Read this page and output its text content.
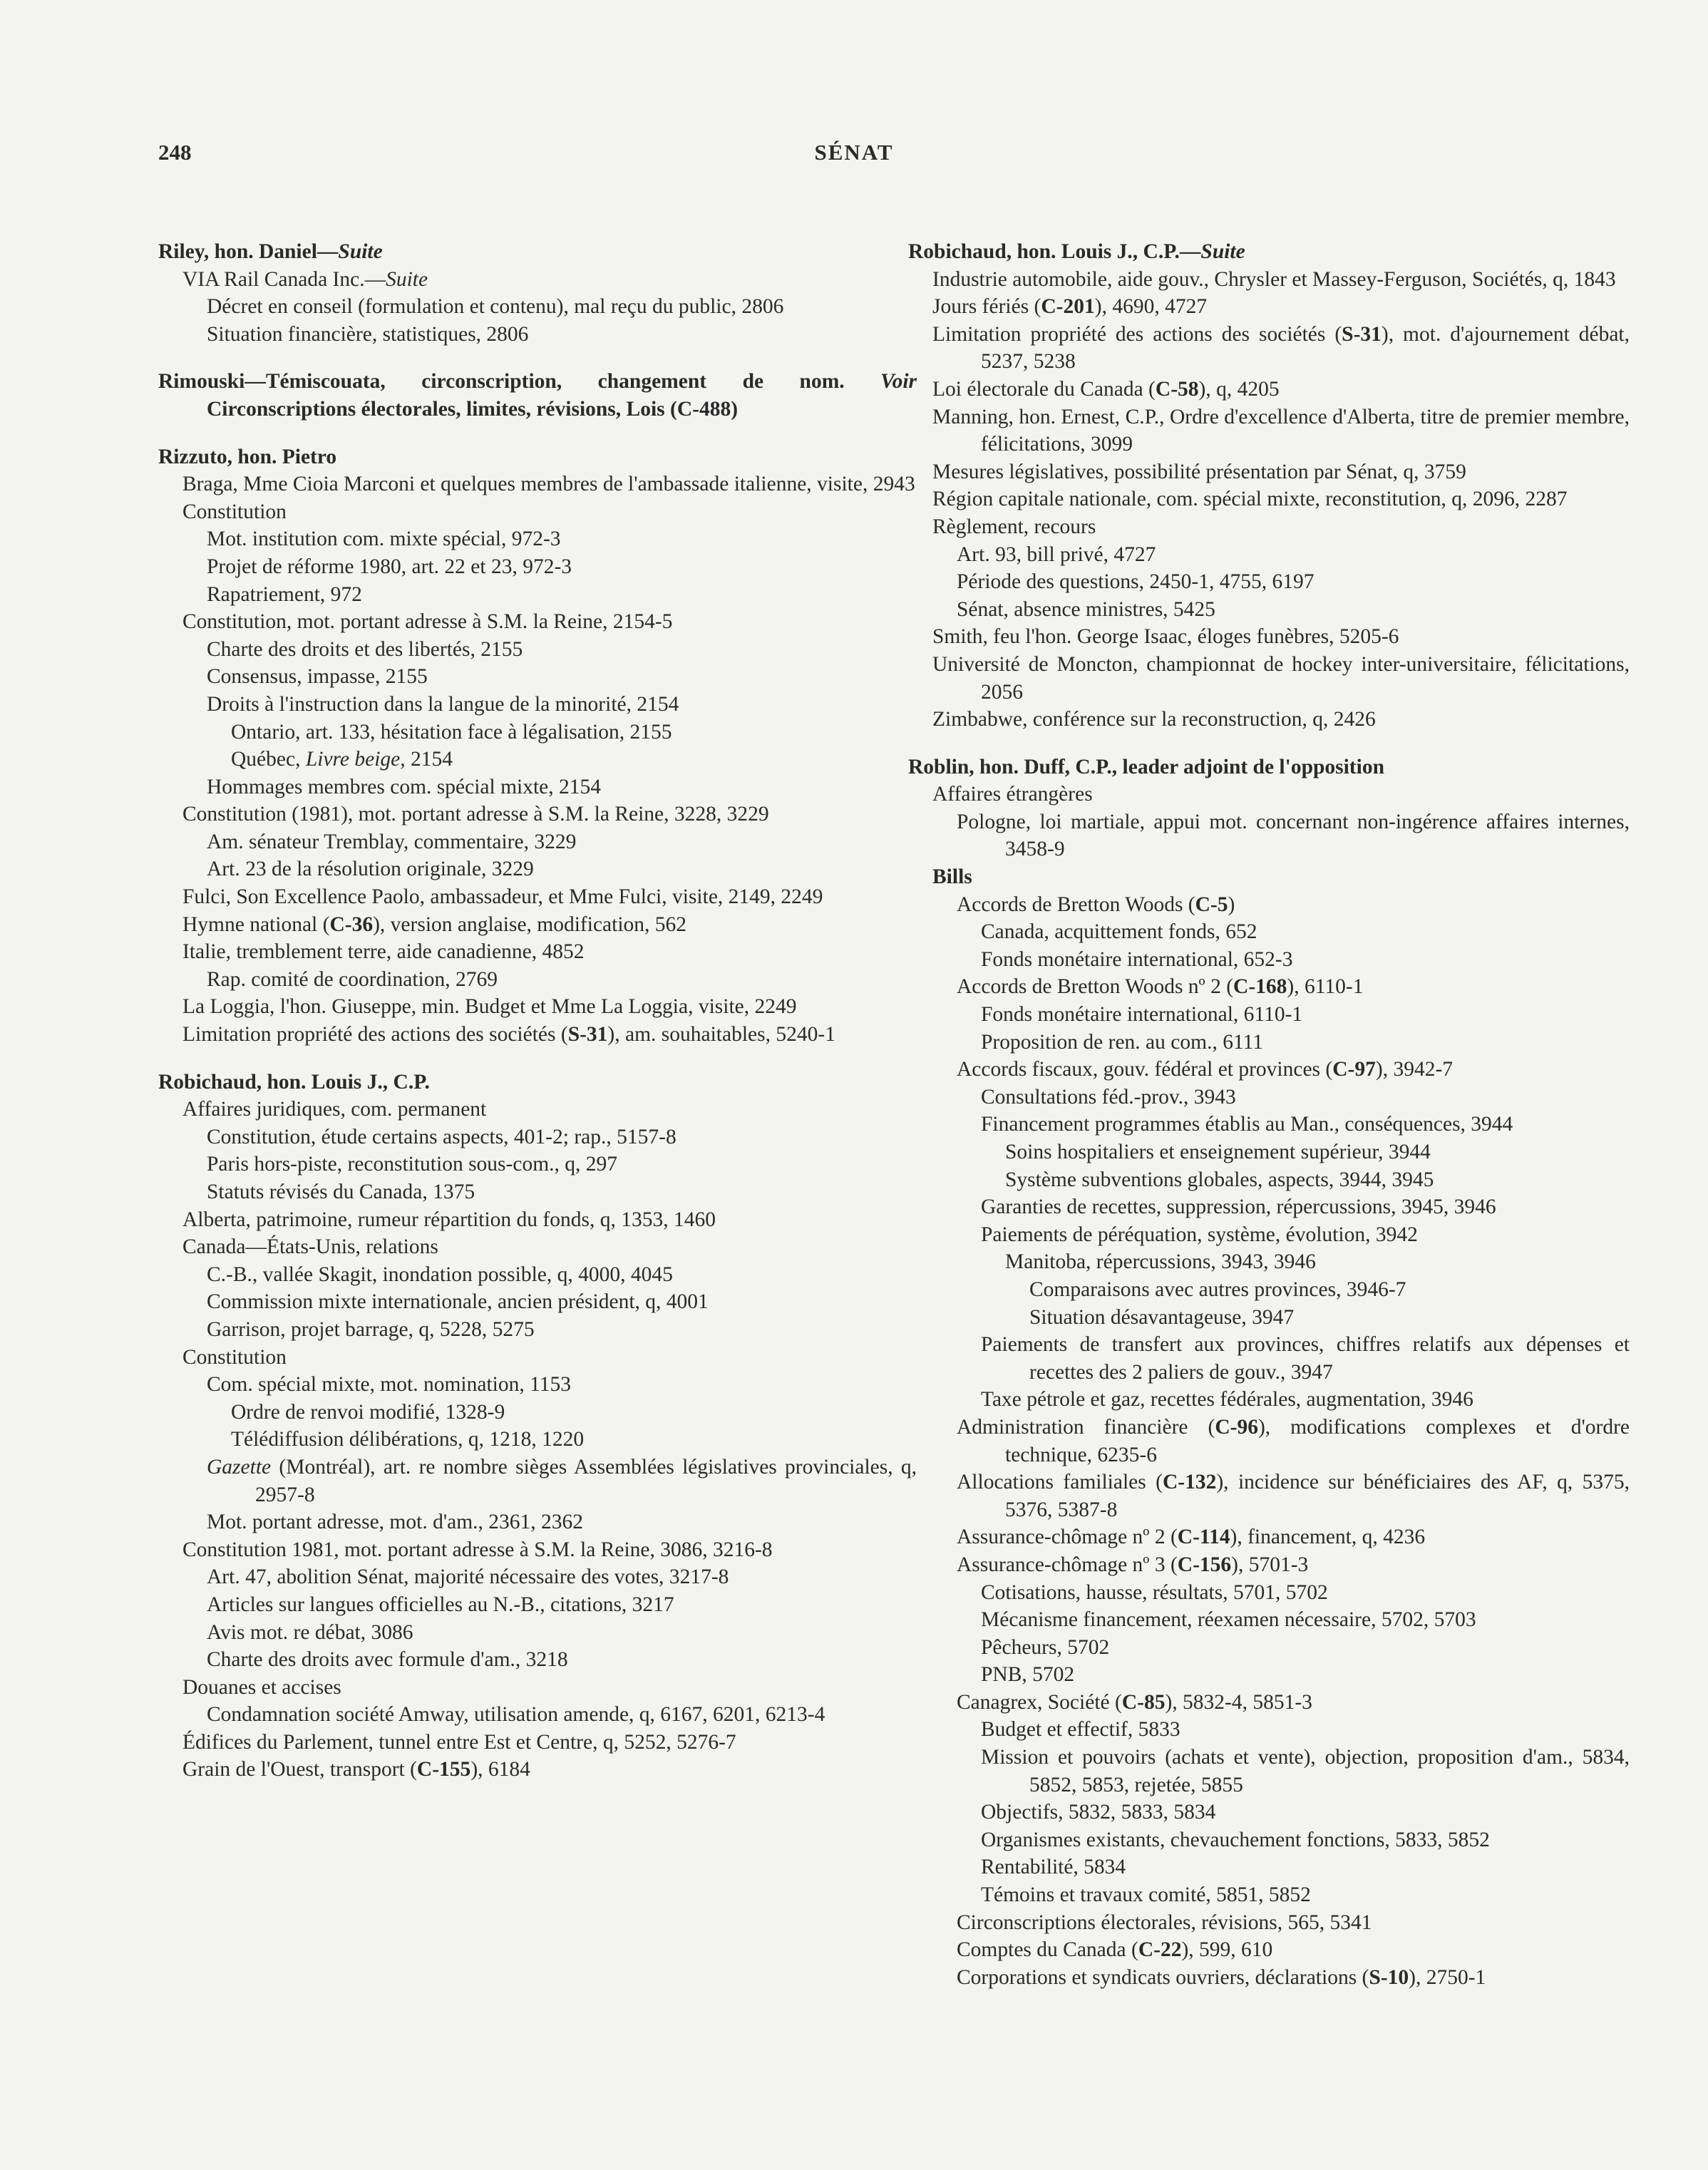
248	SÉNAT
Riley, hon. Daniel—Suite
VIA Rail Canada Inc.—Suite
Décret en conseil (formulation et contenu), mal reçu du public, 2806
Situation financière, statistiques, 2806
Rimouski—Témiscouata, circonscription, changement de nom. Voir Circonscriptions électorales, limites, révisions, Lois (C-488)
Rizzuto, hon. Pietro
Braga, Mme Cioia Marconi et quelques membres de l'ambassade italienne, visite, 2943
Constitution
Mot. institution com. mixte spécial, 972-3
Projet de réforme 1980, art. 22 et 23, 972-3
Rapatriement, 972
Constitution, mot. portant adresse à S.M. la Reine, 2154-5
Charte des droits et des libertés, 2155
Consensus, impasse, 2155
Droits à l'instruction dans la langue de la minorité, 2154
Ontario, art. 133, hésitation face à légalisation, 2155
Québec, Livre beige, 2154
Hommages membres com. spécial mixte, 2154
Constitution (1981), mot. portant adresse à S.M. la Reine, 3228, 3229
Am. sénateur Tremblay, commentaire, 3229
Art. 23 de la résolution originale, 3229
Fulci, Son Excellence Paolo, ambassadeur, et Mme Fulci, visite, 2149, 2249
Hymne national (C-36), version anglaise, modification, 562
Italie, tremblement terre, aide canadienne, 4852
Rap. comité de coordination, 2769
La Loggia, l'hon. Giuseppe, min. Budget et Mme La Loggia, visite, 2249
Limitation propriété des actions des sociétés (S-31), am. souhaitables, 5240-1
Robichaud, hon. Louis J., C.P.
Affaires juridiques, com. permanent
Constitution, étude certains aspects, 401-2; rap., 5157-8
Paris hors-piste, reconstitution sous-com., q, 297
Statuts révisés du Canada, 1375
Alberta, patrimoine, rumeur répartition du fonds, q, 1353, 1460
Canada—États-Unis, relations
C.-B., vallée Skagit, inondation possible, q, 4000, 4045
Commission mixte internationale, ancien président, q, 4001
Garrison, projet barrage, q, 5228, 5275
Constitution
Com. spécial mixte, mot. nomination, 1153
Ordre de renvoi modifié, 1328-9
Télédiffusion délibérations, q, 1218, 1220
Gazette (Montréal), art. re nombre sièges Assemblées législatives provinciales, q, 2957-8
Mot. portant adresse, mot. d'am., 2361, 2362
Constitution 1981, mot. portant adresse à S.M. la Reine, 3086, 3216-8
Art. 47, abolition Sénat, majorité nécessaire des votes, 3217-8
Articles sur langues officielles au N.-B., citations, 3217
Avis mot. re débat, 3086
Charte des droits avec formule d'am., 3218
Douanes et accises
Condamnation société Amway, utilisation amende, q, 6167, 6201, 6213-4
Édifices du Parlement, tunnel entre Est et Centre, q, 5252, 5276-7
Grain de l'Ouest, transport (C-155), 6184
Robichaud, hon. Louis J., C.P.—Suite
Industrie automobile, aide gouv., Chrysler et Massey-Ferguson, Sociétés, q, 1843
Jours fériés (C-201), 4690, 4727
Limitation propriété des actions des sociétés (S-31), mot. d'ajournement débat, 5237, 5238
Loi électorale du Canada (C-58), q, 4205
Manning, hon. Ernest, C.P., Ordre d'excellence d'Alberta, titre de premier membre, félicitations, 3099
Mesures législatives, possibilité présentation par Sénat, q, 3759
Région capitale nationale, com. spécial mixte, reconstitution, q, 2096, 2287
Règlement, recours
Art. 93, bill privé, 4727
Période des questions, 2450-1, 4755, 6197
Sénat, absence ministres, 5425
Smith, feu l'hon. George Isaac, éloges funèbres, 5205-6
Université de Moncton, championnat de hockey inter-universitaire, félicitations, 2056
Zimbabwe, conférence sur la reconstruction, q, 2426
Roblin, hon. Duff, C.P., leader adjoint de l'opposition
Affaires étrangères
Pologne, loi martiale, appui mot. concernant non-ingérence affaires internes, 3458-9
Bills
Accords de Bretton Woods (C-5)
Canada, acquittement fonds, 652
Fonds monétaire international, 652-3
Accords de Bretton Woods nº 2 (C-168), 6110-1
Fonds monétaire international, 6110-1
Proposition de ren. au com., 6111
Accords fiscaux, gouv. fédéral et provinces (C-97), 3942-7
Consultations féd.-prov., 3943
Financement programmes établis au Man., conséquences, 3944
Soins hospitaliers et enseignement supérieur, 3944
Système subventions globales, aspects, 3944, 3945
Garanties de recettes, suppression, répercussions, 3945, 3946
Paiements de péréquation, système, évolution, 3942
Manitoba, répercussions, 3943, 3946
Comparaisons avec autres provinces, 3946-7
Situation désavantageuse, 3947
Paiements de transfert aux provinces, chiffres relatifs aux dépenses et recettes des 2 paliers de gouv., 3947
Taxe pétrole et gaz, recettes fédérales, augmentation, 3946
Administration financière (C-96), modifications complexes et d'ordre technique, 6235-6
Allocations familiales (C-132), incidence sur bénéficiaires des AF, q, 5375, 5376, 5387-8
Assurance-chômage nº 2 (C-114), financement, q, 4236
Assurance-chômage nº 3 (C-156), 5701-3
Cotisations, hausse, résultats, 5701, 5702
Mécanisme financement, réexamen nécessaire, 5702, 5703
Pêcheurs, 5702
PNB, 5702
Canagrex, Société (C-85), 5832-4, 5851-3
Budget et effectif, 5833
Mission et pouvoirs (achats et vente), objection, proposition d'am., 5834, 5852, 5853, rejetée, 5855
Objectifs, 5832, 5833, 5834
Organismes existants, chevauchement fonctions, 5833, 5852
Rentabilité, 5834
Témoins et travaux comité, 5851, 5852
Circonscriptions électorales, révisions, 565, 5341
Comptes du Canada (C-22), 599, 610
Corporations et syndicats ouvriers, déclarations (S-10), 2750-1
